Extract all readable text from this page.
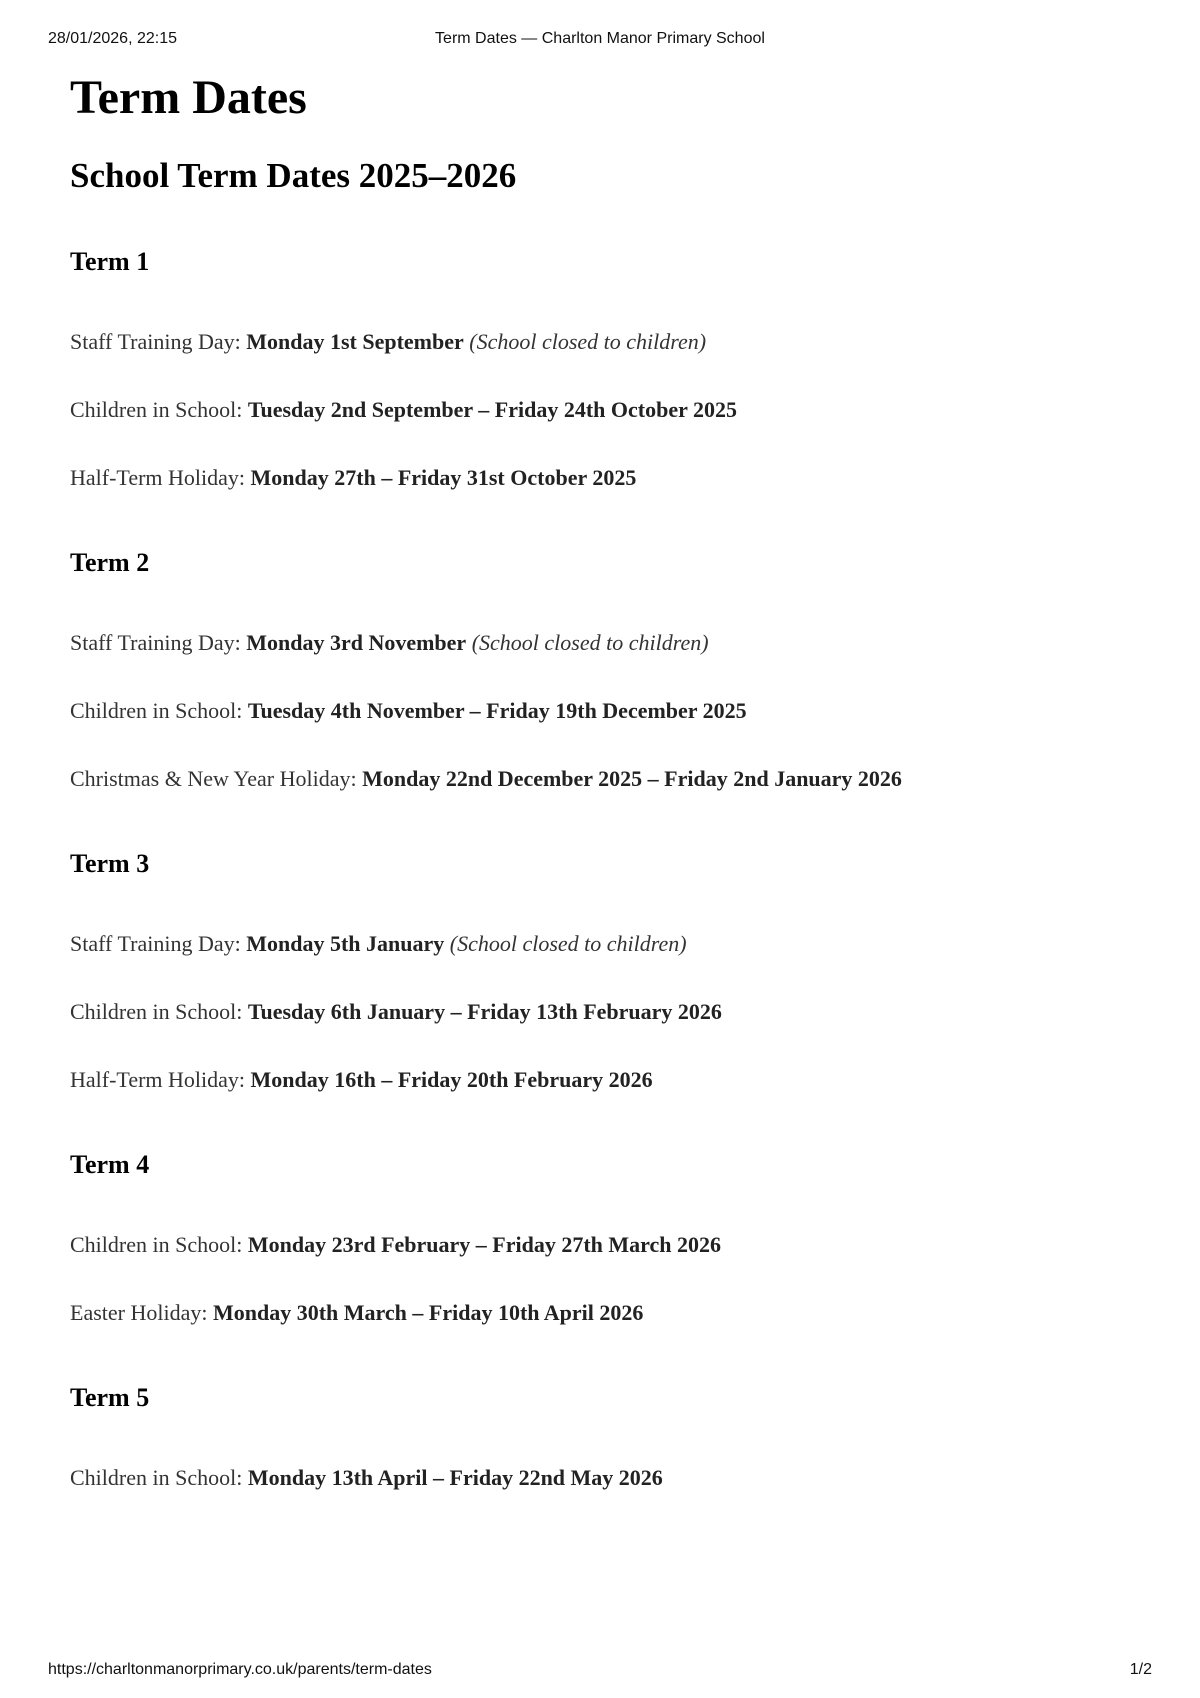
28/01/2026, 22:15	Term Dates — Charlton Manor Primary School
Term Dates
School Term Dates 2025–2026
Term 1

Staff Training Day: Monday 1st September (School closed to children)

Children in School: Tuesday 2nd September – Friday 24th October 2025

Half-Term Holiday: Monday 27th – Friday 31st October 2025

Term 2

Staff Training Day: Monday 3rd November (School closed to children)

Children in School: Tuesday 4th November – Friday 19th December 2025

Christmas & New Year Holiday: Monday 22nd December 2025 – Friday 2nd January 2026

Term 3

Staff Training Day: Monday 5th January (School closed to children)

Children in School: Tuesday 6th January – Friday 13th February 2026

Half-Term Holiday: Monday 16th – Friday 20th February 2026

Term 4

Children in School: Monday 23rd February – Friday 27th March 2026

Easter Holiday: Monday 30th March – Friday 10th April 2026

Term 5

Children in School: Monday 13th April – Friday 22nd May 2026

https://charltonmanorprimary.co.uk/parents/term-dates	1/2
